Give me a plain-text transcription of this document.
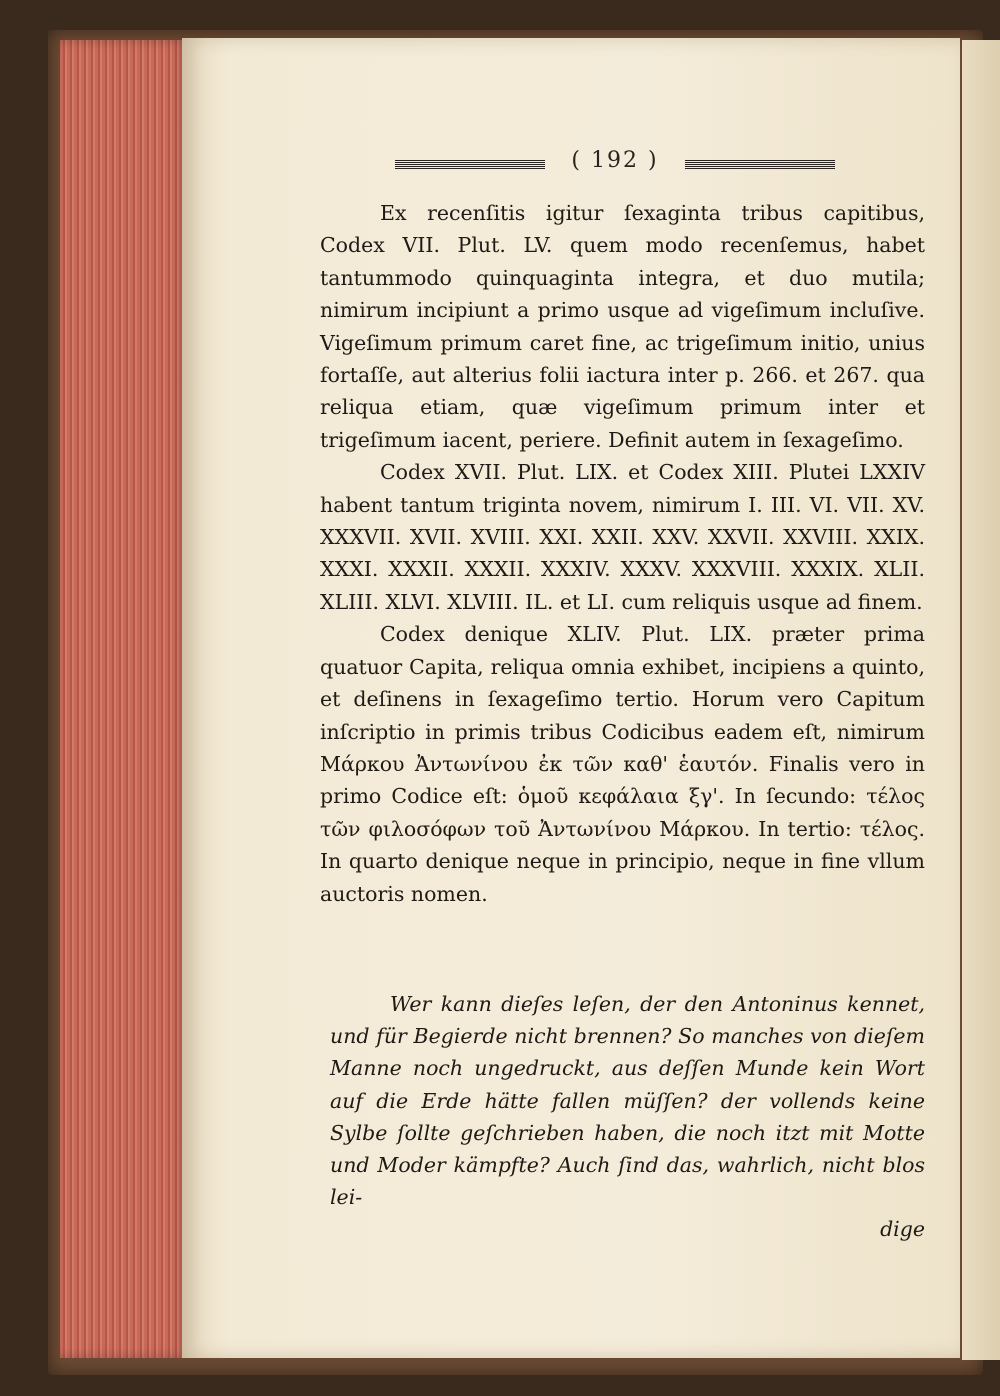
( 192 )

Ex recenſitis igitur ſexaginta tribus capitibus, Codex VII. Plut. LV. quem modo recenſemus, habet tantummodo quinquaginta integra, et duo mutila; nimirum incipiunt a primo usque ad vigeſimum incluſive. Vigeſimum primum caret fine, ac trigeſimum initio, unius fortaſſe, aut alterius folii iactura inter p. 266. et 267. qua reliqua etiam, quæ vigeſimum primum inter et trigeſimum iacent, periere. Definit autem in ſexageſimo.

Codex XVII. Plut. LIX. et Codex XIII. Plutei LXXIV habent tantum triginta novem, nimirum I. III. VI. VII. XV. XXXVII. XVII. XVIII. XXI. XXII. XXV. XXVII. XXVIII. XXIX. XXXI. XXXII. XXXII. XXXIV. XXXV. XXXVIII. XXXIX. XLII. XLIII. XLVI. XLVIII. IL. et LI. cum reliquis usque ad finem.

Codex denique XLIV. Plut. LIX. præter prima quatuor Capita, reliqua omnia exhibet, incipiens a quinto, et deſinens in ſexageſimo tertio. Horum vero Capitum inſcriptio in primis tribus Codicibus eadem eſt, nimirum Μάρκου Ἀντωνίνου ἐκ τῶν καθ' ἑαυτόν. Finalis vero in primo Codice eſt: ὁμοῦ κεφάλαια ξγ'. In ſecundo: τέλος τῶν φιλοσόφων τοῦ Ἀντωνίνου Μάρκου. In tertio: τέλος. In quarto denique neque in principio, neque in fine vllum auctoris nomen.

Wer kann dieſes leſen, der den Antoninus kennet, und für Begierde nicht brennen? So manches von dieſem Manne noch ungedruckt, aus deſſen Munde kein Wort auf die Erde hätte fallen müſſen? der vollends keine Sylbe ſollte geſchrieben haben, die noch itzt mit Motte und Moder kämpfte? Auch ſind das, wahrlich, nicht blos lei-

dige
